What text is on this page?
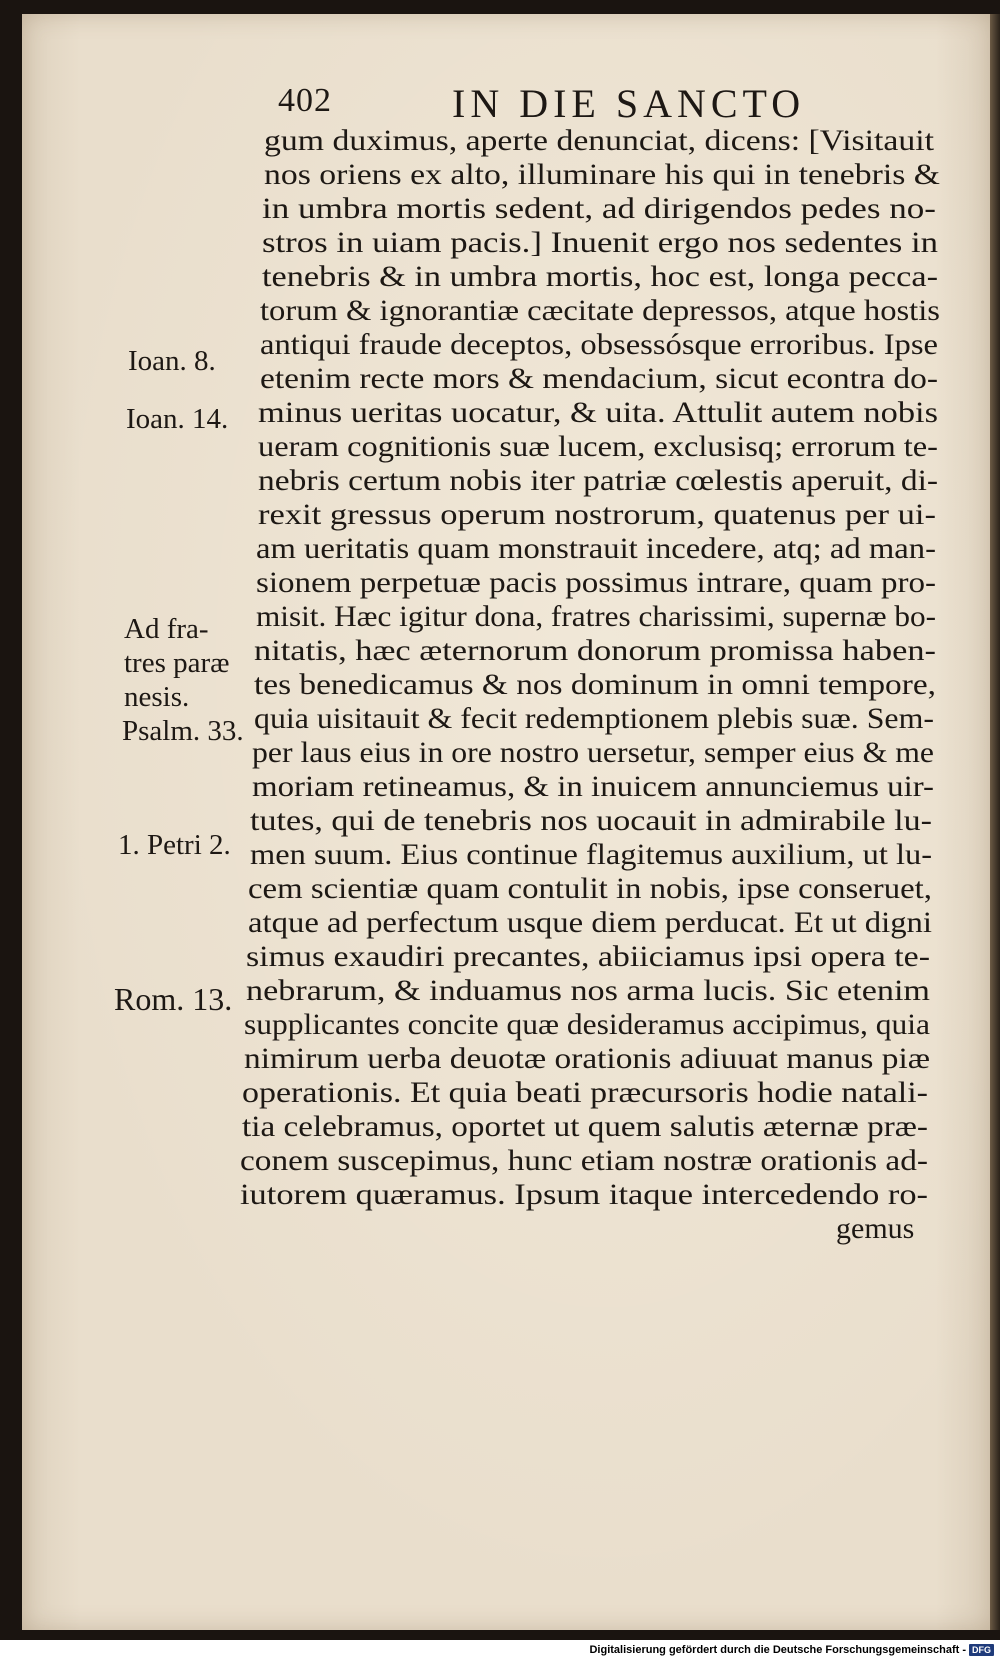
402	IN DIE SANCTO
gum duximus, aperte denunciat, dicens: [Visitauit
nos oriens ex alto, illuminare his qui in tenebris &
in umbra mortis sedent, ad dirigendos pedes no-
stros in uiam pacis.] Inuenit ergo nos sedentes in
tenebris & in umbra mortis, hoc est, longa pecca-
torum & ignorantiæ cæcitate depressos, atque hostis
antiqui fraude deceptos, obsessósque erroribus. Ipse
etenim recte mors & mendacium, sicut econtra do-
minus ueritas uocatur, & uita. Attulit autem nobis
ueram cognitionis suæ lucem, exclusisq; errorum te-
nebris certum nobis iter patriæ cœlestis aperuit, di-
rexit gressus operum nostrorum, quatenus per ui-
am ueritatis quam monstrauit incedere, atq; ad man-
sionem perpetuæ pacis possimus intrare, quam pro-
misit. Hæc igitur dona, fratres charissimi, supernæ bo-
nitatis, hæc æternorum donorum promissa haben-
tes benedicamus & nos dominum in omni tempore,
quia uisitauit & fecit redemptionem plebis suæ. Sem-
per laus eius in ore nostro uersetur, semper eius & me
moriam retineamus, & in inuicem annunciemus uir-
tutes, qui de tenebris nos uocauit in admirabile lu-
men suum. Eius continue flagitemus auxilium, ut lu-
cem scientiæ quam contulit in nobis, ipse conseruet,
atque ad perfectum usque diem perducat. Et ut digni
simus exaudiri precantes, abiiciamus ipsi opera te-
nebrarum, & induamus nos arma lucis. Sic etenim
supplicantes concite quæ desideramus accipimus, quia
nimirum uerba deuotæ orationis adiuuat manus piæ
operationis. Et quia beati præcursoris hodie natali-
tia celebramus, oportet ut quem salutis æternæ præ-
conem suscepimus, hunc etiam nostræ orationis ad-
iutorem quæramus. Ipsum itaque intercedendo ro-
gemus
Ioan. 8.
Ioan. 14.
Ad fra-
tres paræ
nesis.
Psalm. 33.
1. Petri 2.
Rom. 13.
Digitalisierung gefördert durch die Deutsche Forschungsgemeinschaft - DFG
